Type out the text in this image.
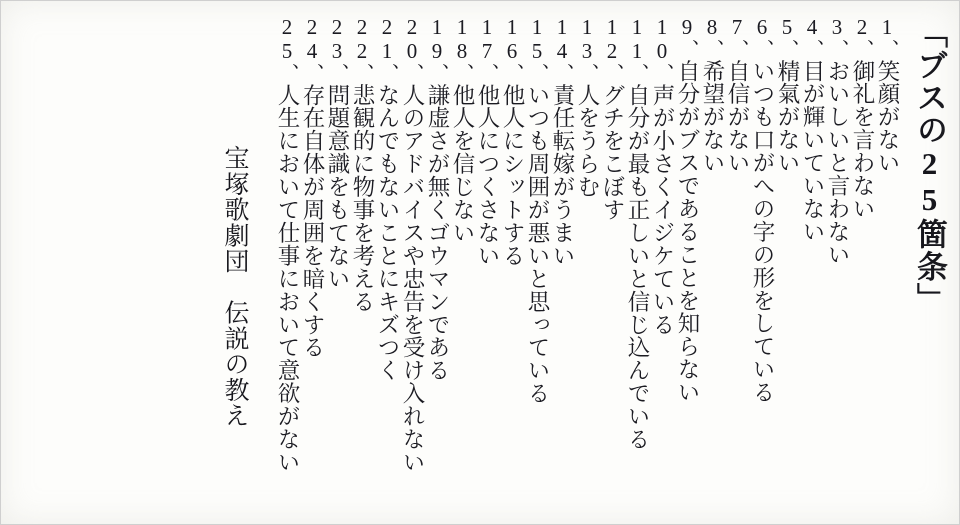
「ブスの25箇条」
1、笑顔がない
2、御礼を言わない
3、おいしいと言わない
4、目が輝いていない
5、精氣がない
6、いつも口がへの字の形をしている
7、自信がない
8、希望がない
9、自分がブスであることを知らない
10、声が小さくイジケている
11、自分が最も正しいと信じ込んでいる
12、グチをこぼす
13、人をうらむ
14、責任転嫁がうまい
15、いつも周囲が悪いと思っている
16、他人にシットする
17、他人につくさない
18、他人を信じない
19、謙虚さが無くゴウマンである
20、人のアドバイスや忠告を受け入れない
21、なんでもないことにキズつく
22、悲観的に物事を考える
23、問題意識をもてない
24、存在自体が周囲を暗くする
25、人生において仕事において意欲がない
宝塚歌劇団　伝説の教え
